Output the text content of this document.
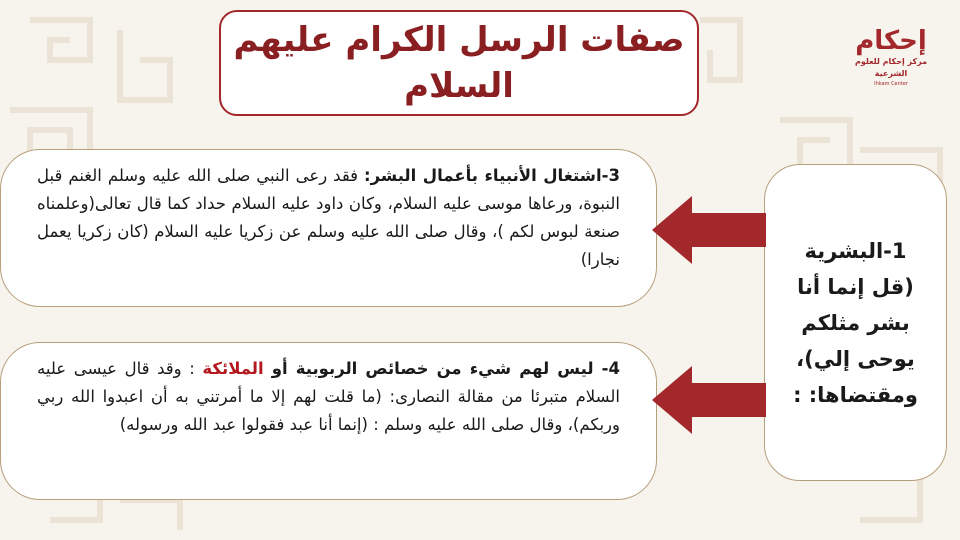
صفات الرسل الكرام عليهم
السلام
إحكام
مركز إحكام للعلوم الشرعية
Ihkam Center
3-اشتغال الأنبياء بأعمال البشر: فقد رعى النبي صلى الله عليه وسلم الغنم قبل النبوة، ورعاها موسى عليه السلام، وكان داود عليه السلام حداد كما قال تعالى(وعلمناه صنعة لبوس لكم )، وقال صلى الله عليه وسلم عن زكريا عليه السلام (كان زكريا يعمل نجارا)
4- ليس لهم شيء من خصائص الربوبية أو الملائكة : وقد قال عيسى عليه السلام متبرئا من مقالة النصارى: (ما قلت لهم إلا ما أمرتني به أن اعبدوا الله ربي وربكم)، وقال صلى الله عليه وسلم : (إنما أنا عبد فقولوا عبد الله ورسوله)
1-البشرية
(قل إنما أنا
بشر مثلكم
يوحى إلي)،
ومقتضاها: :
